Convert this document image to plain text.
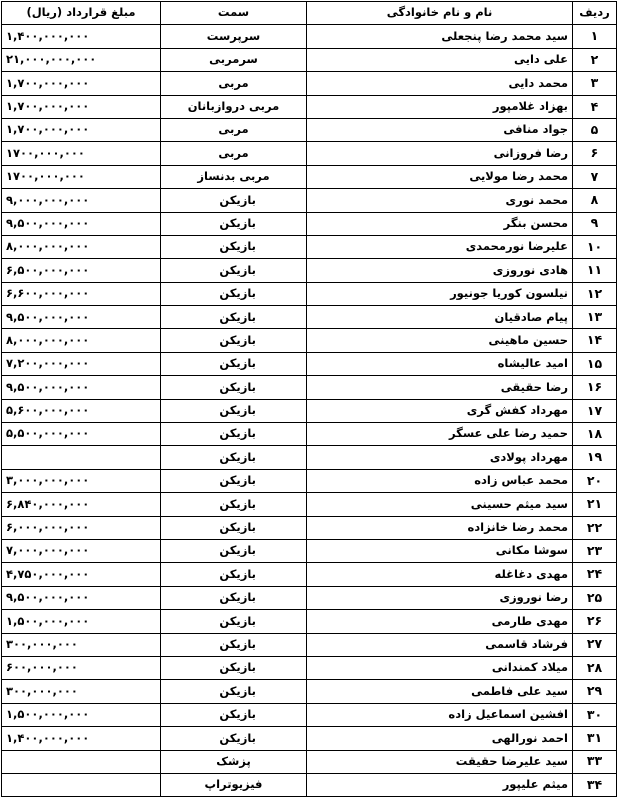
ردیف	نام و نام خانوادگی	سمت	مبلغ قرارداد (ریال)
۱	سید محمد رضا پنجعلی	سرپرست	۱,۴۰۰,۰۰۰,۰۰۰
۲	علی دایی	سرمربی	۲۱,۰۰۰,۰۰۰,۰۰۰
۳	محمد دایی	مربی	۱,۷۰۰,۰۰۰,۰۰۰
۴	بهزاد غلامپور	مربی دروازبانان	۱,۷۰۰,۰۰۰,۰۰۰
۵	جواد منافی	مربی	۱,۷۰۰,۰۰۰,۰۰۰
۶	رضا فروزانی	مربی	۱۷۰۰,۰۰۰,۰۰۰
۷	محمد رضا مولایی	مربی بدنساز	۱۷۰۰,۰۰۰,۰۰۰
۸	محمد نوری	بازیکن	۹,۰۰۰,۰۰۰,۰۰۰
۹	محسن بنگر	بازیکن	۹,۵۰۰,۰۰۰,۰۰۰
۱۰	علیرضا نورمحمدی	بازیکن	۸,۰۰۰,۰۰۰,۰۰۰
۱۱	هادی نوروزی	بازیکن	۶,۵۰۰,۰۰۰,۰۰۰
۱۲	نیلسون کوریا جونیور	بازیکن	۶,۶۰۰,۰۰۰,۰۰۰
۱۳	پیام صادقیان	بازیکن	۹,۵۰۰,۰۰۰,۰۰۰
۱۴	حسین ماهینی	بازیکن	۸,۰۰۰,۰۰۰,۰۰۰
۱۵	امید عالیشاه	بازیکن	۷,۲۰۰,۰۰۰,۰۰۰
۱۶	رضا حقیقی	بازیکن	۹,۵۰۰,۰۰۰,۰۰۰
۱۷	مهرداد کفش گری	بازیکن	۵,۶۰۰,۰۰۰,۰۰۰
۱۸	حمید رضا علی عسگر	بازیکن	۵,۵۰۰,۰۰۰,۰۰۰
۱۹	مهرداد پولادی	بازیکن	
۲۰	محمد عباس زاده	بازیکن	۳,۰۰۰,۰۰۰,۰۰۰
۲۱	سید میثم حسینی	بازیکن	۶,۸۴۰,۰۰۰,۰۰۰
۲۲	محمد رضا خانزاده	بازیکن	۶,۰۰۰,۰۰۰,۰۰۰
۲۳	سوشا مکانی	بازیکن	۷,۰۰۰,۰۰۰,۰۰۰
۲۴	مهدی دغاغله	بازیکن	۴,۷۵۰,۰۰۰,۰۰۰
۲۵	رضا نوروزی	بازیکن	۹,۵۰۰,۰۰۰,۰۰۰
۲۶	مهدی طارمی	بازیکن	۱,۵۰۰,۰۰۰,۰۰۰
۲۷	فرشاد قاسمی	بازیکن	۳۰۰,۰۰۰,۰۰۰
۲۸	میلاد کمندانی	بازیکن	۶۰۰,۰۰۰,۰۰۰
۲۹	سید علی فاطمی	بازیکن	۳۰۰,۰۰۰,۰۰۰
۳۰	افشین اسماعیل زاده	بازیکن	۱,۵۰۰,۰۰۰,۰۰۰
۳۱	احمد نورالهی	بازیکن	۱,۴۰۰,۰۰۰,۰۰۰
۳۳	سید علیرضا حقیقت	پزشک	
۳۴	میثم علیپور	فیزیوتراپ	
